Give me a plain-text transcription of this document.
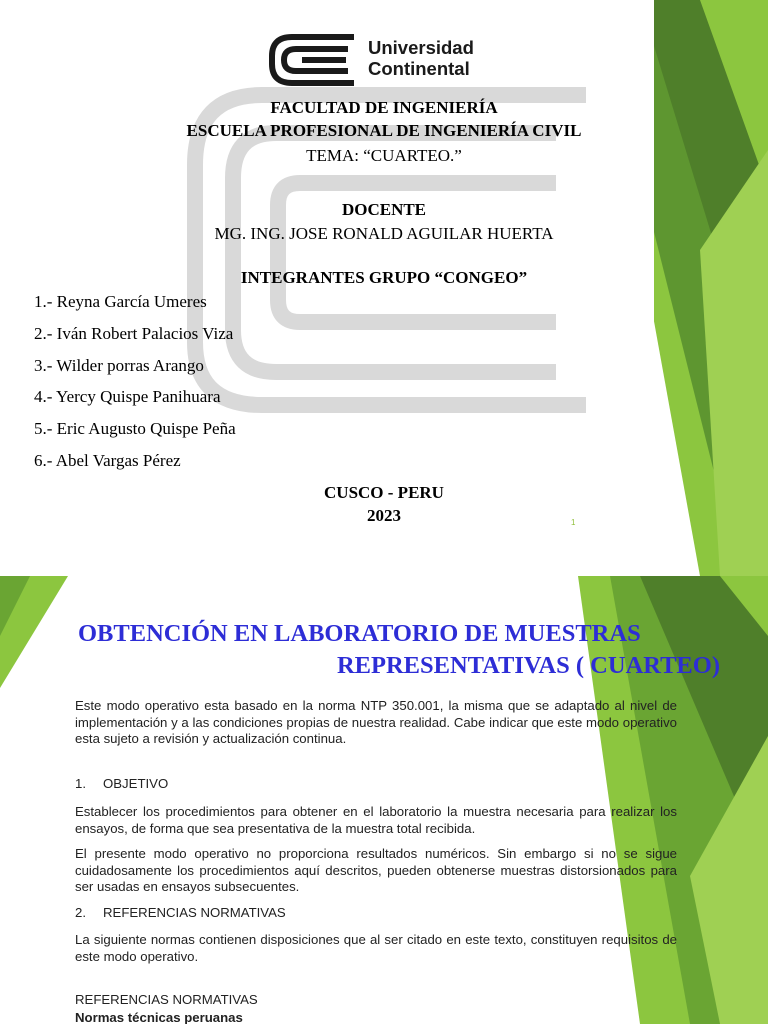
Universidad
Continental
FACULTAD DE INGENIERÍA
ESCUELA PROFESIONAL DE INGENIERÍA CIVIL
TEMA: “CUARTEO.”
DOCENTE
MG. ING. JOSE RONALD AGUILAR HUERTA
INTEGRANTES GRUPO “CONGEO”
1.- Reyna García Umeres
2.- Iván Robert Palacios Viza
3.- Wilder porras Arango
4.- Yercy Quispe Panihuara
5.- Eric Augusto Quispe Peña
6.- Abel Vargas Pérez
CUSCO - PERU
2023	1
OBTENCIÓN EN LABORATORIO DE MUESTRAS
REPRESENTATIVAS ( CUARTEO)
Este modo operativo esta basado en la norma NTP 350.001, la misma que se adaptado al nivel de implementación y a las condiciones propias de nuestra realidad. Cabe indicar que este modo operativo esta sujeto a revisión y actualización continua.
1. OBJETIVO
Establecer los procedimientos para obtener en el laboratorio la muestra necesaria para realizar los ensayos, de forma que sea presentativa de la muestra total recibida.
El presente modo operativo no proporciona resultados numéricos. Sin embargo si no se sigue cuidadosamente los procedimientos aquí descritos, pueden obtenerse muestras distorsionados para ser usadas en ensayos subsecuentes.
2. REFERENCIAS NORMATIVAS
La siguiente normas contienen disposiciones que al ser citado en este texto, constituyen requisitos de este modo operativo.
REFERENCIAS NORMATIVAS
Normas técnicas peruanas
